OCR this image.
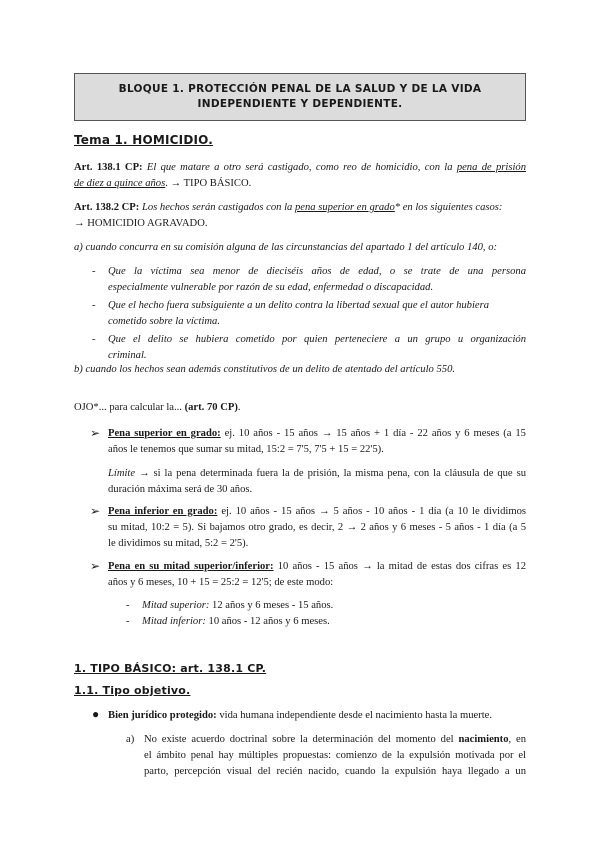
BLOQUE 1. PROTECCIÓN PENAL DE LA SALUD Y DE LA VIDA
INDEPENDIENTE Y DEPENDIENTE.
Tema 1. HOMICIDIO.
Art. 138.1 CP: El que matare a otro será castigado, como reo de homicidio, con la pena de prisión
de diez a quince años. → TIPO BÁSICO.
Art. 138.2 CP: Los hechos serán castigados con la pena superior en grado* en los siguientes casos:
→ HOMICIDIO AGRAVADO.
a) cuando concurra en su comisión alguna de las circunstancias del apartado 1 del artículo 140, o:
- Que la víctima sea menor de dieciséis años de edad, o se trate de una persona
especialmente vulnerable por razón de su edad, enfermedad o discapacidad.
- Que el hecho fuera subsiguiente a un delito contra la libertad sexual que el autor hubiera
cometido sobre la víctima.
- Que el delito se hubiera cometido por quien perteneciere a un grupo u organización
criminal.
b) cuando los hechos sean además constitutivos de un delito de atentado del artículo 550.
OJO*... para calcular la... (art. 70 CP).
➢ Pena superior en grado: ej. 10 años - 15 años → 15 años + 1 día - 22 años y 6 meses (a 15
años le tenemos que sumar su mitad, 15:2 = 7'5, 7'5 + 15 = 22'5).
Límite → si la pena determinada fuera la de prisión, la misma pena, con la cláusula de que su
duración máxima será de 30 años.
➢ Pena inferior en grado: ej. 10 años - 15 años → 5 años - 10 años - 1 día (a 10 le dividimos
su mitad, 10:2 = 5). Si bajamos otro grado, es decir, 2 → 2 años y 6 meses - 5 años - 1 día (a 5
le dividimos su mitad, 5:2 = 2'5).
➢ Pena en su mitad superior/inferior: 10 años - 15 años → la mitad de estas dos cifras es 12
años y 6 meses, 10 + 15 = 25:2 = 12'5; de este modo:
- Mitad superior: 12 años y 6 meses - 15 años.
- Mitad inferior: 10 años - 12 años y 6 meses.
1. TIPO BÁSICO: art. 138.1 CP.
1.1. Tipo objetivo.
● Bien jurídico protegido: vida humana independiente desde el nacimiento hasta la muerte.
a) No existe acuerdo doctrinal sobre la determinación del momento del nacimiento, en
el ámbito penal hay múltiples propuestas: comienzo de la expulsión motivada por el
parto, percepción visual del recién nacido, cuando la expulsión haya llegado a un
